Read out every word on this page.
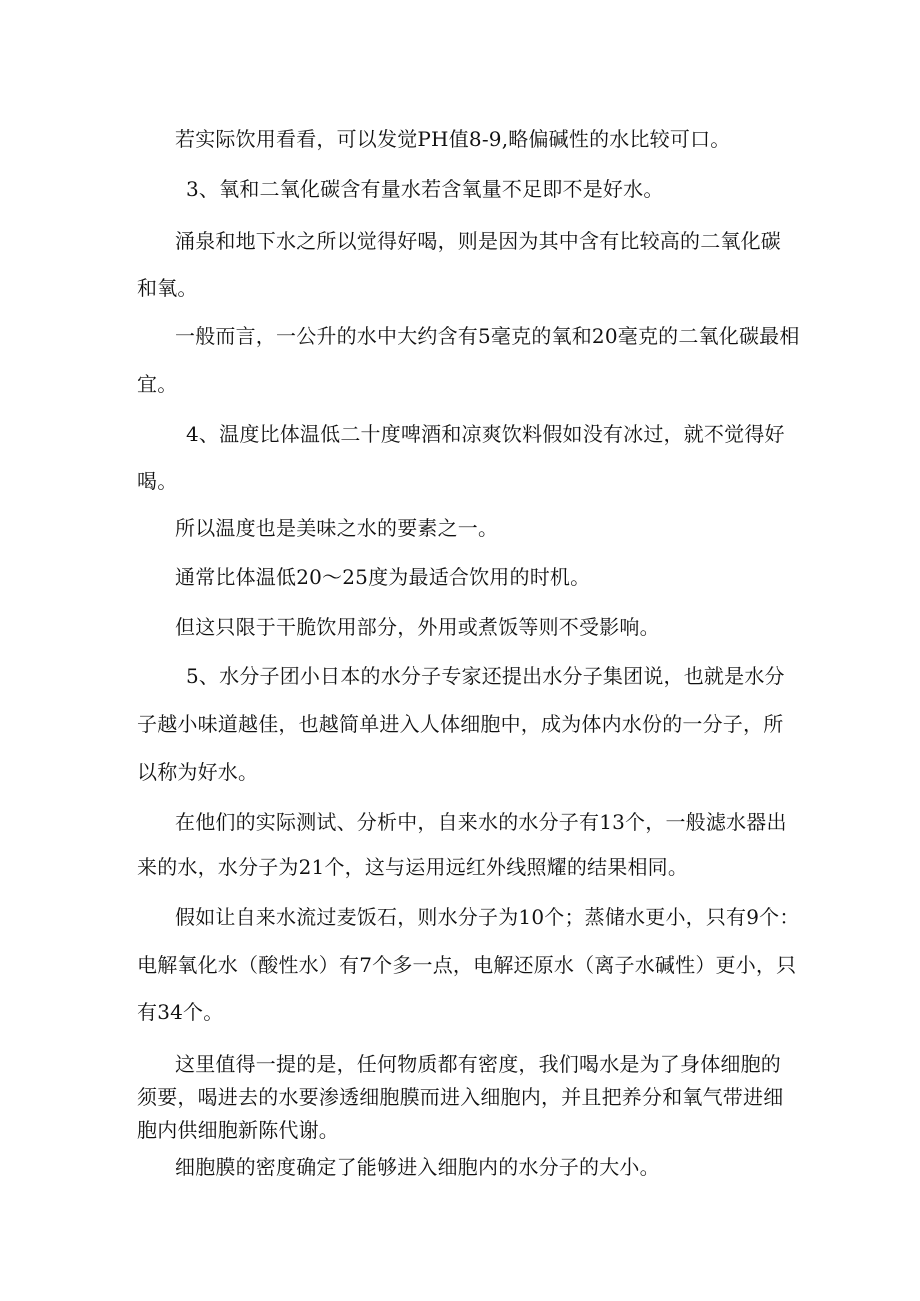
若实际饮用看看，可以发觉PH值8-9,略偏碱性的水比较可口。
3、氧和二氧化碳含有量水若含氧量不足即不是好水。
涌泉和地下水之所以觉得好喝，则是因为其中含有比较高的二氧化碳
和氧。
一般而言，一公升的水中大约含有5毫克的氧和20毫克的二氧化碳最相
宜。
4、温度比体温低二十度啤酒和凉爽饮料假如没有冰过，就不觉得好
喝。
所以温度也是美味之水的要素之一。
通常比体温低20～25度为最适合饮用的时机。
但这只限于干脆饮用部分，外用或煮饭等则不受影响。
5、水分子团小日本的水分子专家还提出水分子集团说，也就是水分
子越小味道越佳，也越简单进入人体细胞中，成为体内水份的一分子，所
以称为好水。
在他们的实际测试、分析中，自来水的水分子有13个，一般滤水器出
来的水，水分子为21个，这与运用远红外线照耀的结果相同。
假如让自来水流过麦饭石，则水分子为10个；蒸储水更小，只有9个：
电解氧化水（酸性水）有7个多一点，电解还原水（离子水碱性）更小，只
有34个。
这里值得一提的是，任何物质都有密度，我们喝水是为了身体细胞的
须要，喝进去的水要渗透细胞膜而进入细胞内，并且把养分和氧气带进细
胞内供细胞新陈代谢。
细胞膜的密度确定了能够进入细胞内的水分子的大小。
